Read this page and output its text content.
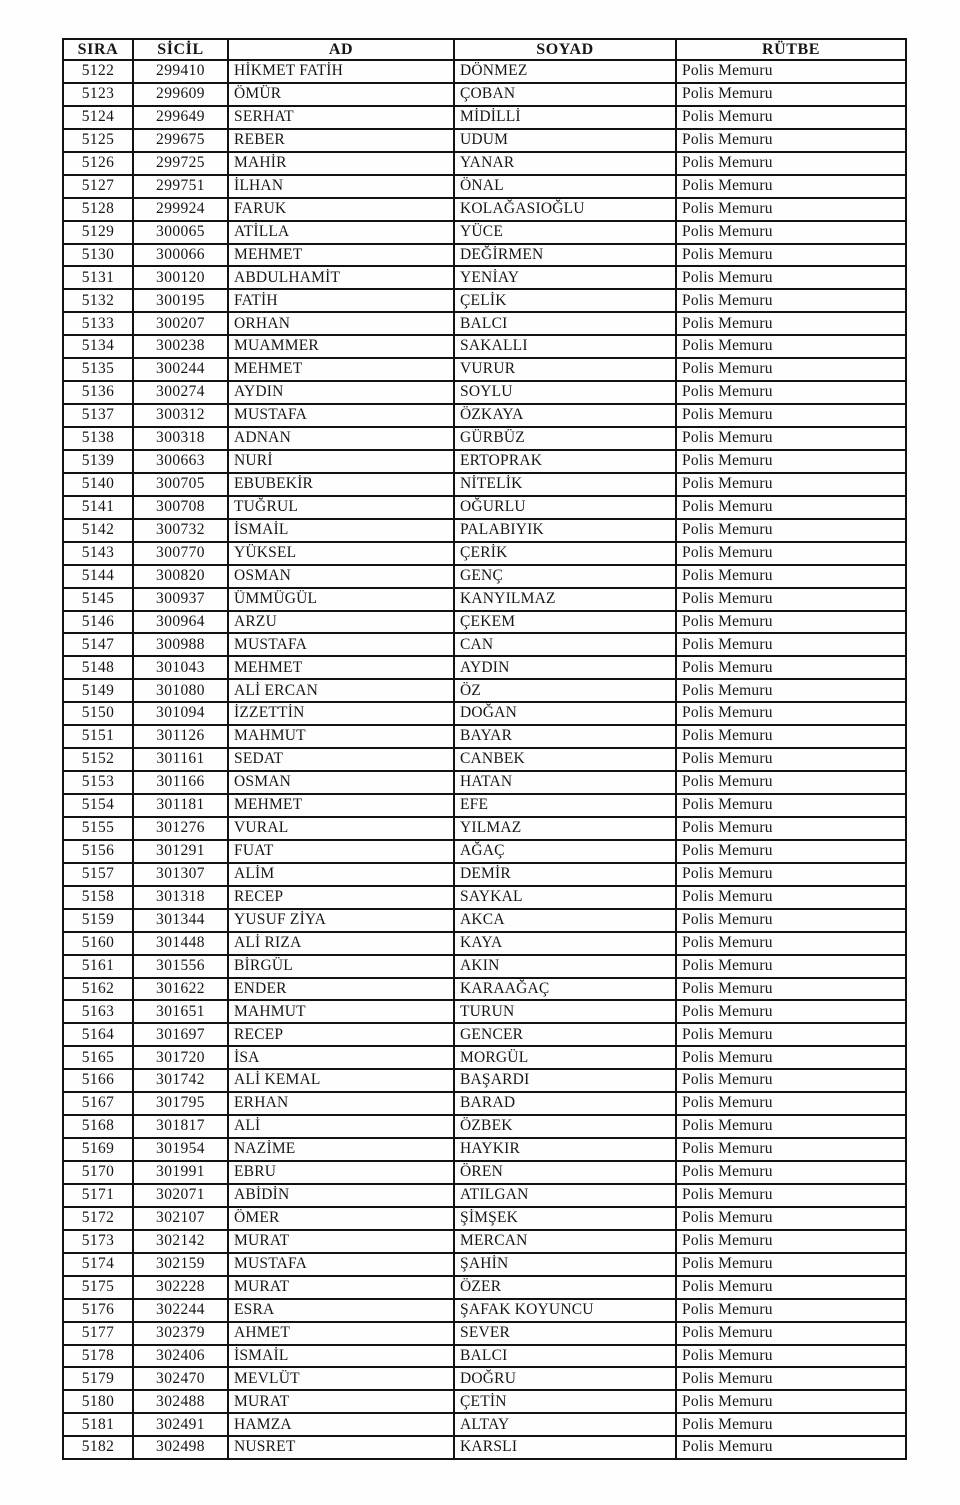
SIRA	SİCİL	AD	SOYAD	RÜTBE
5122	299410	HİKMET FATİH	DÖNMEZ	Polis Memuru
5123	299609	ÖMÜR	ÇOBAN	Polis Memuru
5124	299649	SERHAT	MİDİLLİ	Polis Memuru
5125	299675	REBER	UDUM	Polis Memuru
5126	299725	MAHİR	YANAR	Polis Memuru
5127	299751	İLHAN	ÖNAL	Polis Memuru
5128	299924	FARUK	KOLAĞASIOĞLU	Polis Memuru
5129	300065	ATİLLA	YÜCE	Polis Memuru
5130	300066	MEHMET	DEĞİRMEN	Polis Memuru
5131	300120	ABDULHAMİT	YENİAY	Polis Memuru
5132	300195	FATİH	ÇELİK	Polis Memuru
5133	300207	ORHAN	BALCI	Polis Memuru
5134	300238	MUAMMER	SAKALLI	Polis Memuru
5135	300244	MEHMET	VURUR	Polis Memuru
5136	300274	AYDIN	SOYLU	Polis Memuru
5137	300312	MUSTAFA	ÖZKAYA	Polis Memuru
5138	300318	ADNAN	GÜRBÜZ	Polis Memuru
5139	300663	NURİ	ERTOPRAK	Polis Memuru
5140	300705	EBUBEKİR	NİTELİK	Polis Memuru
5141	300708	TUĞRUL	OĞURLU	Polis Memuru
5142	300732	İSMAİL	PALABIYIK	Polis Memuru
5143	300770	YÜKSEL	ÇERİK	Polis Memuru
5144	300820	OSMAN	GENÇ	Polis Memuru
5145	300937	ÜMMÜGÜL	KANYILMAZ	Polis Memuru
5146	300964	ARZU	ÇEKEM	Polis Memuru
5147	300988	MUSTAFA	CAN	Polis Memuru
5148	301043	MEHMET	AYDIN	Polis Memuru
5149	301080	ALİ ERCAN	ÖZ	Polis Memuru
5150	301094	İZZETTİN	DOĞAN	Polis Memuru
5151	301126	MAHMUT	BAYAR	Polis Memuru
5152	301161	SEDAT	CANBEK	Polis Memuru
5153	301166	OSMAN	HATAN	Polis Memuru
5154	301181	MEHMET	EFE	Polis Memuru
5155	301276	VURAL	YILMAZ	Polis Memuru
5156	301291	FUAT	AĞAÇ	Polis Memuru
5157	301307	ALİM	DEMİR	Polis Memuru
5158	301318	RECEP	SAYKAL	Polis Memuru
5159	301344	YUSUF ZİYA	AKCA	Polis Memuru
5160	301448	ALİ RIZA	KAYA	Polis Memuru
5161	301556	BİRGÜL	AKIN	Polis Memuru
5162	301622	ENDER	KARAAĞAÇ	Polis Memuru
5163	301651	MAHMUT	TURUN	Polis Memuru
5164	301697	RECEP	GENCER	Polis Memuru
5165	301720	İSA	MORGÜL	Polis Memuru
5166	301742	ALİ KEMAL	BAŞARDI	Polis Memuru
5167	301795	ERHAN	BARAD	Polis Memuru
5168	301817	ALİ	ÖZBEK	Polis Memuru
5169	301954	NAZİME	HAYKIR	Polis Memuru
5170	301991	EBRU	ÖREN	Polis Memuru
5171	302071	ABİDİN	ATILGAN	Polis Memuru
5172	302107	ÖMER	ŞİMŞEK	Polis Memuru
5173	302142	MURAT	MERCAN	Polis Memuru
5174	302159	MUSTAFA	ŞAHİN	Polis Memuru
5175	302228	MURAT	ÖZER	Polis Memuru
5176	302244	ESRA	ŞAFAK KOYUNCU	Polis Memuru
5177	302379	AHMET	SEVER	Polis Memuru
5178	302406	İSMAİL	BALCI	Polis Memuru
5179	302470	MEVLÜT	DOĞRU	Polis Memuru
5180	302488	MURAT	ÇETİN	Polis Memuru
5181	302491	HAMZA	ALTAY	Polis Memuru
5182	302498	NUSRET	KARSLI	Polis Memuru
